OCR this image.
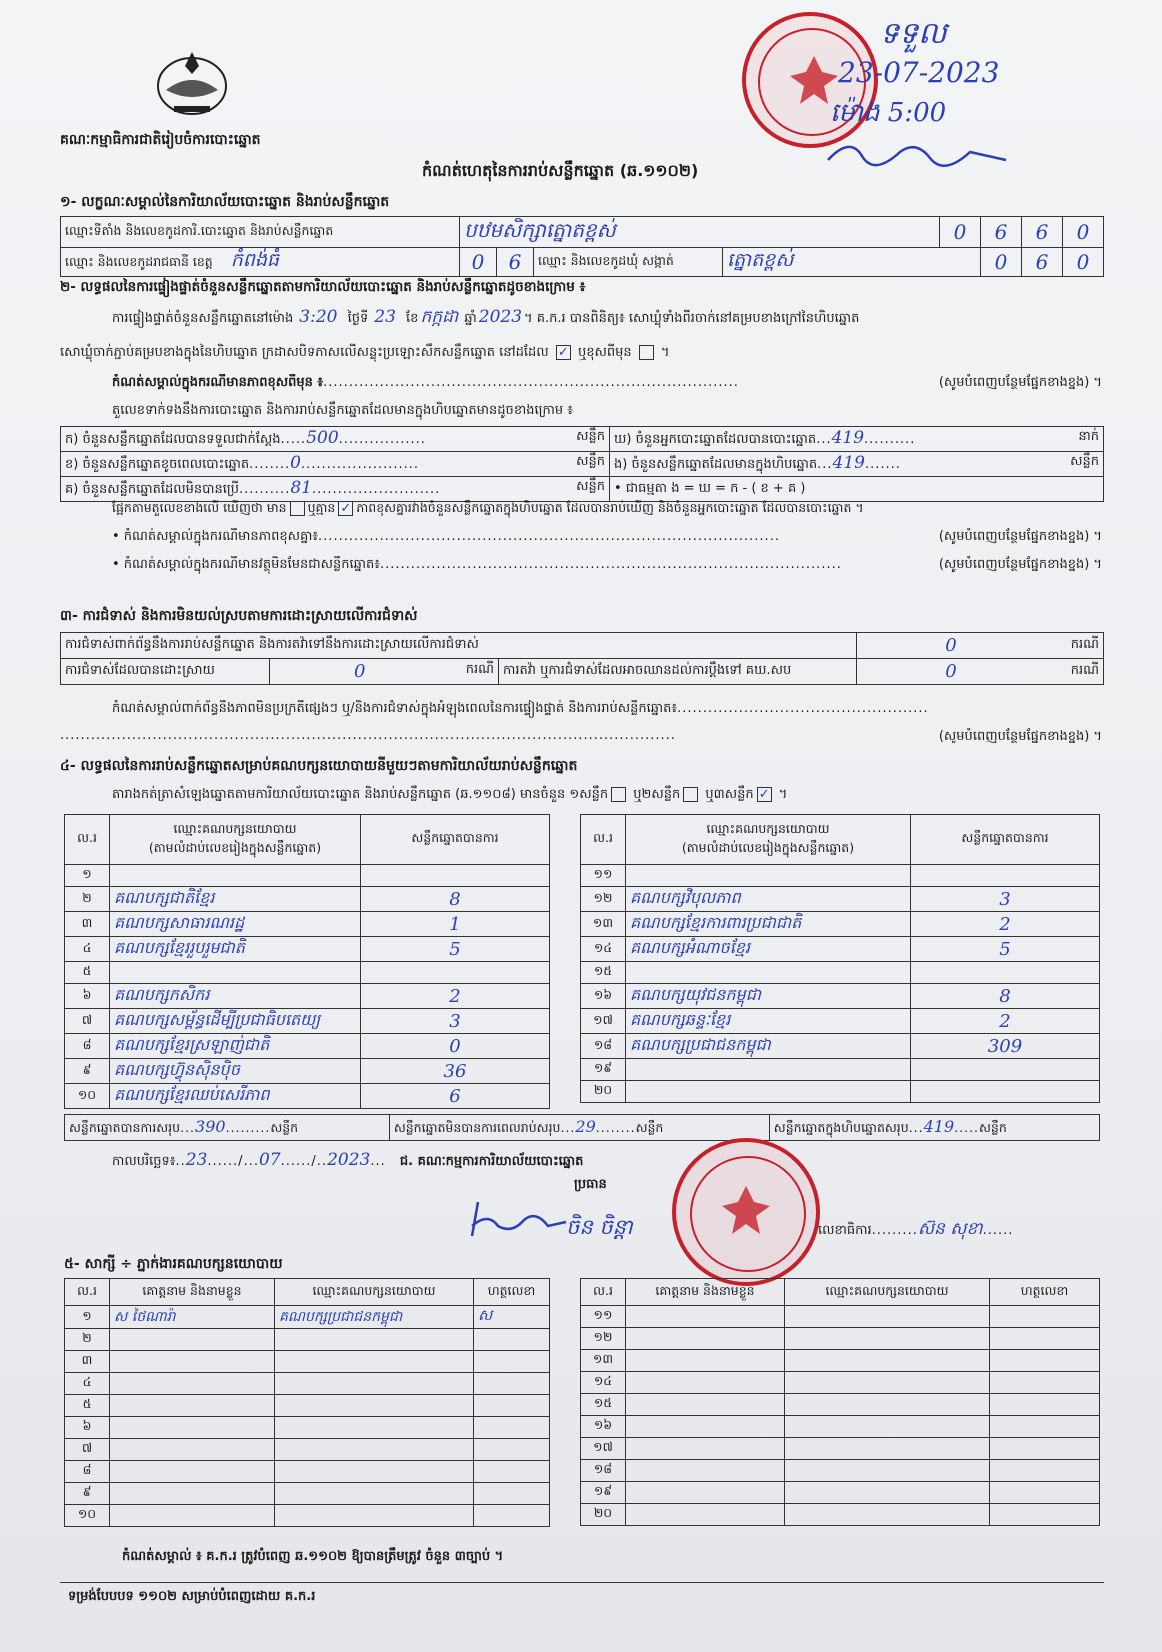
គណៈកម្មាធិការជាតិរៀបចំការបោះឆ្នោត
កំណត់ហេតុនៃការរាប់សន្លឹកឆ្នោត (ឆ.១១០២)
ទទួល
23-07-2023
ម៉ោង 5:00
១- លក្ខណៈសម្គាល់នៃការិយាល័យបោះឆ្នោត និងរាប់សន្លឹកឆ្នោត
ឈ្មោះទីតាំង និងលេខកូដការិ.បោះឆ្នោត និងរាប់សន្លឹកឆ្នោត	បឋមសិក្សាត្នោតខ្ពស់				0	6	6	0
ឈ្មោះ និងលេខកូដរាជធានី ខេត្ត កំពង់ធំ	0	6	ឈ្មោះ និងលេខកូដឃុំ សង្កាត់	ត្នោតខ្ពស់		0	6	0
២- លទ្ធផលនៃការផ្ទៀងផ្ទាត់ចំនួនសន្លឹកឆ្នោតតាមការិយាល័យបោះឆ្នោត និងរាប់សន្លឹកឆ្នោតដូចខាងក្រោម ៖
ការផ្ទៀងផ្ទាត់ចំនួនសន្លឹកឆ្នោតនៅម៉ោង 3:20 ថ្ងៃទី 23 ខែ កក្កដា ឆ្នាំ 2023 ។ គ.ក.រ បានពិនិត្យ៖ សោឃ្លុំទាំងពីរចាក់នៅគម្របខាងក្រៅនៃហិបឆ្នោត
សោឃ្លុំចាក់ភ្ជាប់គម្របខាងក្នុងនៃហិបឆ្នោត ក្រដាសបិទភាសលើសន្លុះប្រឡោះសឹកសន្លឹកឆ្នោត នៅដដែល ✓ ឬខុសពីមុន  ។
កំណត់សម្គាល់ក្នុងករណីមានភាពខុសពីមុន ៖.................................................................................	(សូមបំពេញបន្ថែមផ្នែកខាងខ្នង) ។
តួលេខទាក់ទងនឹងការបោះឆ្នោត និងការរាប់សន្លឹកឆ្នោតដែលមានក្នុងហិបឆ្នោតមានដូចខាងក្រោម ៖
ក) ចំនួនសន្លឹកឆ្នោតដែលបានទទួលជាក់ស្តែង.....500................. សន្លឹក	ឃ) ចំនួនអ្នកបោះឆ្នោតដែលបានបោះឆ្នោត...419.......... នាក់

ខ) ចំនួនសន្លឹកឆ្នោតខូចពេលបោះឆ្នោត........0....................... សន្លឹក	ង) ចំនួនសន្លឹកឆ្នោតដែលមានក្នុងហិបឆ្នោត...419....... សន្លឹក

គ) ចំនួនសន្លឹកឆ្នោតដែលមិនបានប្រើ..........81......................... សន្លឹក	• ជាធម្មតា ង = ឃ = ក - ( ខ + គ )
ផ្អែកតាមតួលេខខាងលើ ឃើញថា មាន ឬគ្មាន ✓ ភាពខុសគ្នារវាងចំនួនសន្លឹកឆ្នោតក្នុងហិបឆ្នោត ដែលបានរាប់ឃើញ និងចំនួនអ្នកបោះឆ្នោត ដែលបានបោះឆ្នោត ។
• កំណត់សម្គាល់ក្នុងករណីមានភាពខុសគ្នា៖..........................................................................................	(សូមបំពេញបន្ថែមផ្នែកខាងខ្នង) ។
• កំណត់សម្គាល់ក្នុងករណីមានវត្ថុមិនមែនជាសន្លឹកឆ្នោត៖..........................................................................................	(សូមបំពេញបន្ថែមផ្នែកខាងខ្នង) ។
៣- ការជំទាស់ និងការមិនយល់ស្របតាមការដោះស្រាយលើការជំទាស់
ការជំទាស់ពាក់ព័ន្ធនឹងការរាប់សន្លឹកឆ្នោត និងការតវ៉ាទៅនឹងការដោះស្រាយលើការជំទាស់			0	ករណី
ការជំទាស់ដែលបានដោះស្រាយ	0 ករណី	ការតវ៉ា ឬការជំទាស់ដែលអាចឈានដល់ការប្តឹងទៅ គឃ.សប	0	ករណី
កំណត់សម្គាល់ពាក់ព័ន្ធនឹងភាពមិនប្រក្រតីផ្សេងៗ ឬ/និងការជំទាស់ក្នុងអំឡុងពេលនៃការផ្ទៀងផ្ទាត់ និងការរាប់សន្លឹកឆ្នោត៖.................................................
........................................................................................................................	(សូមបំពេញបន្ថែមផ្នែកខាងខ្នង) ។
៤- លទ្ធផលនៃការរាប់សន្លឹកឆ្នោតសម្រាប់គណបក្សនយោបាយនីមួយៗតាមការិយាល័យរាប់សន្លឹកឆ្នោត
តារាងកត់ត្រាសំឡេងឆ្នោតតាមការិយាល័យបោះឆ្នោត និងរាប់សន្លឹកឆ្នោត (ឆ.១១០៨) មានចំនួន ១សន្លឹក ឬ២សន្លឹក ឬ៣សន្លឹក ✓ ។
ល.រ	ឈ្មោះគណបក្សនយោបាយ
(តាមលំដាប់លេខរៀងក្នុងសន្លឹកឆ្នោត)	សន្លឹកឆ្នោតបានការ
១		
២	គណបក្សជាតិខ្មែរ	8
៣	គណបក្សសាធារណរដ្ឋ	1
៤	គណបក្សខ្មែររួបរួមជាតិ	5
៥		
៦	គណបក្សកសិករ	2
៧	គណបក្សសម្ព័ន្ធដើម្បីប្រជាធិបតេយ្យ	3
៨	គណបក្សខ្មែរស្រឡាញ់ជាតិ	0
៩	គណបក្សហ៊្វុនស៊ិនប៉ិច	36
១០	គណបក្សខ្មែរឈប់សេរីភាព	6
ល.រ	ឈ្មោះគណបក្សនយោបាយ
(តាមលំដាប់លេខរៀងក្នុងសន្លឹកឆ្នោត)	សន្លឹកឆ្នោតបានការ
១១		
១២	គណបក្សវិបុលភាព	3
១៣	គណបក្សខ្មែរការពារប្រជាជាតិ	2
១៤	គណបក្សអំណាចខ្មែរ	5
១៥		
១៦	គណបក្សយុវជនកម្ពុជា	8
១៧	គណបក្សឆន្ទៈខ្មែរ	2
១៨	គណបក្សប្រជាជនកម្ពុជា	309
១៩		
២០		
សន្លឹកឆ្នោតបានការសរុប...390.........សន្លឹក	សន្លឹកឆ្នោតមិនបានការពេលរាប់សរុប...29........សន្លឹក	សន្លឹកឆ្នោតក្នុងហិបឆ្នោតសរុប...419.....សន្លឹក
កាលបរិច្ឆេទ៖..23....../...07....../..2023... ជ. គណៈកម្មការការិយាល័យបោះឆ្នោត
ប្រធាន
ចិន ចិន្តា	លេខាធិការ.........ស៊ន សុខា......
៥- សាក្សី ÷ ភ្នាក់ងារគណបក្សនយោបាយ
ល.រ	គោត្តនាម និងនាមខ្លួន	ឈ្មោះគណបក្សនយោបាយ	ហត្ថលេខា
១	ស ថៃណារ៉ា	គណបក្សប្រជាជនកម្ពុជា	ស
២			
៣			
៤			
៥			
៦			
៧			
៨			
៩			
១០			
ល.រ	គោត្តនាម និងនាមខ្លួន	ឈ្មោះគណបក្សនយោបាយ	ហត្ថលេខា
១១			
១២			
១៣			
១៤			
១៥			
១៦			
១៧			
១៨			
១៩			
២០			
កំណត់សម្គាល់ ៖ គ.ក.រ ត្រូវបំពេញ ឆ.១១០២ ឱ្យបានត្រឹមត្រូវ ចំនួន ៣ច្បាប់ ។
ទម្រង់បែបបទ ១១០២ សម្រាប់បំពេញដោយ គ.ក.រ
